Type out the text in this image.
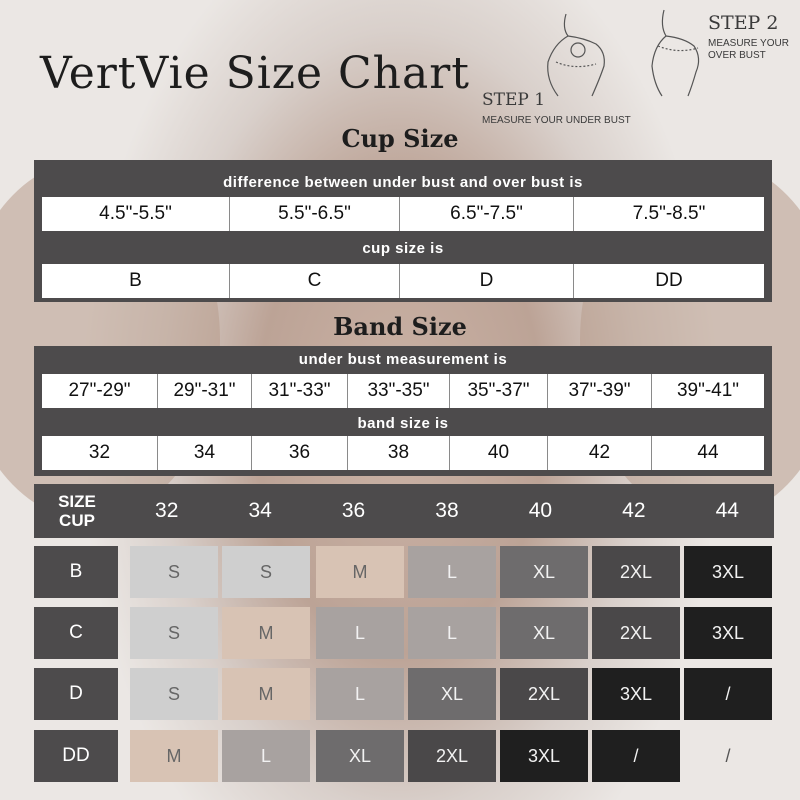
VertVie Size Chart
STEP 1
MEASURE YOUR UNDER BUST
STEP 2
MEASURE YOUR
OVER BUST
Cup Size
difference between under bust and over bust is
4.5"-5.5"	5.5"-6.5"	6.5"-7.5"	7.5"-8.5"
cup size is
B	C	D	DD
Band Size
under bust measurement is
27"-29"	29"-31"	31"-33"	33"-35"	35"-37"	37"-39"	39"-41"
band size is
32	34	36	38	40	42	44
SIZE
CUP	32	34	36	38	40	42	44
B	S	S	M	L	XL	2XL	3XL
C	S	M	L	L	XL	2XL	3XL
D	S	M	L	XL	2XL	3XL	/
DD	M	L	XL	2XL	3XL	/	/
